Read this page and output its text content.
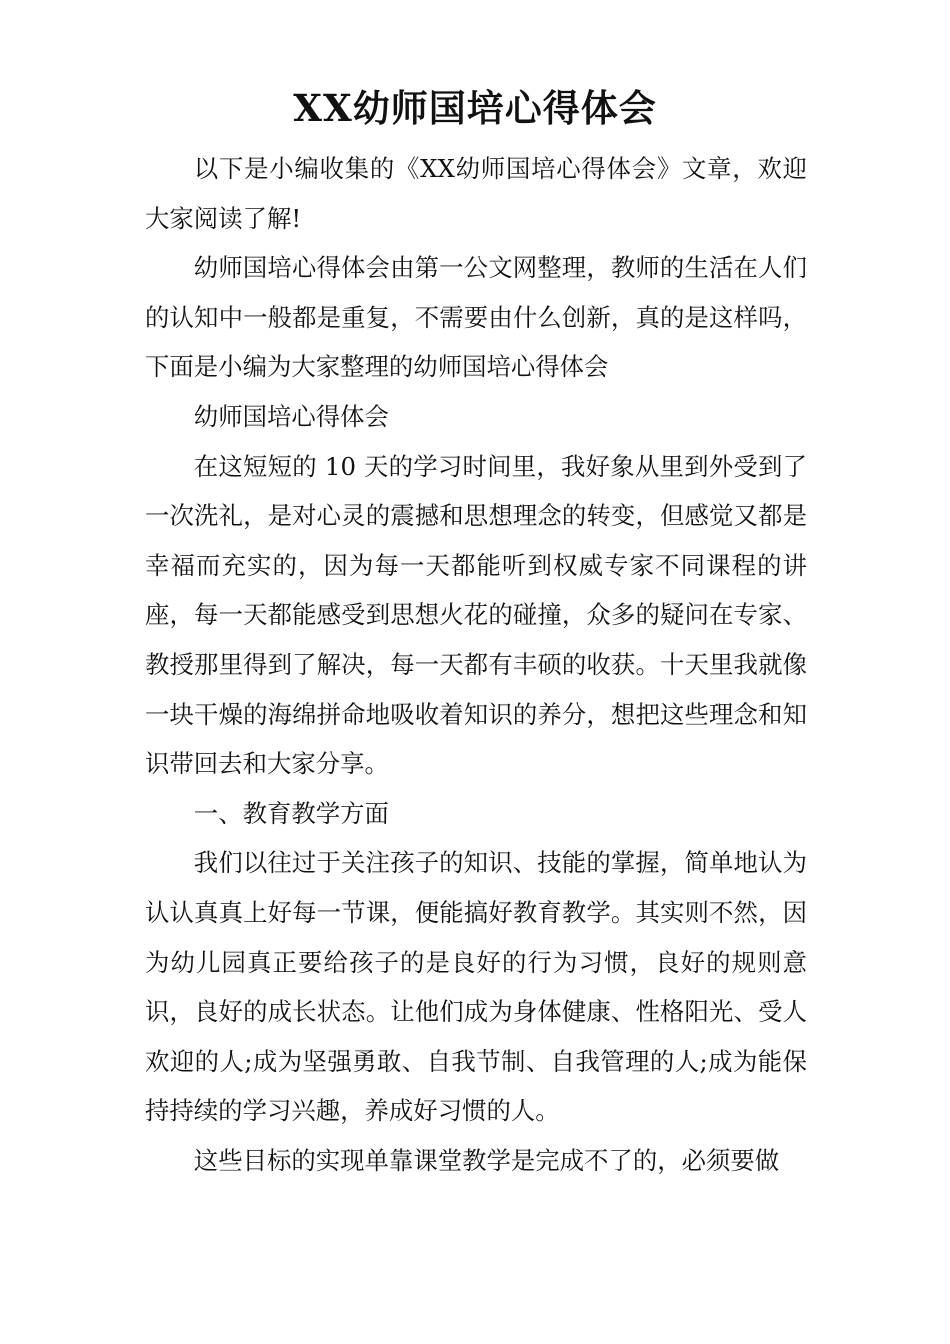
XX幼师国培心得体会

以下是小编收集的《XX幼师国培心得体会》文章，欢迎大家阅读了解!

幼师国培心得体会由第一公文网整理，教师的生活在人们的认知中一般都是重复，不需要由什么创新，真的是这样吗，下面是小编为大家整理的幼师国培心得体会

幼师国培心得体会

在这短短的 10 天的学习时间里，我好象从里到外受到了一次洗礼，是对心灵的震撼和思想理念的转变，但感觉又都是幸福而充实的，因为每一天都能听到权威专家不同课程的讲座，每一天都能感受到思想火花的碰撞，众多的疑问在专家、教授那里得到了解决，每一天都有丰硕的收获。十天里我就像一块干燥的海绵拼命地吸收着知识的养分，想把这些理念和知识带回去和大家分享。

一、教育教学方面

我们以往过于关注孩子的知识、技能的掌握，简单地认为认认真真上好每一节课，便能搞好教育教学。其实则不然，因为幼儿园真正要给孩子的是良好的行为习惯，良好的规则意识，良好的成长状态。让他们成为身体健康、性格阳光、受人欢迎的人;成为坚强勇敢、自我节制、自我管理的人;成为能保持持续的学习兴趣，养成好习惯的人。

这些目标的实现单靠课堂教学是完成不了的，必须要做
